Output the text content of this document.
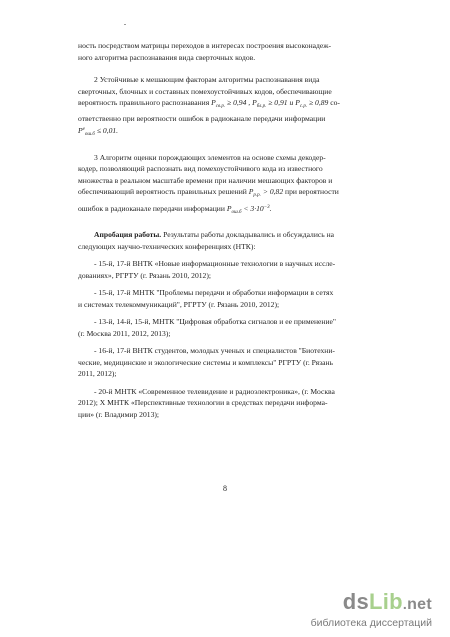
ность посредством матрицы переходов в интересах построения высоконадеж-
ного алгоритма распознавания вида сверточных кодов.

2 Устойчивые к мешающим факторам алгоритмы распознавания вида
сверточных, блочных и составных помехоустойчивых кодов, обеспечивающие
вероятность правильного распознавания $P_{св.р.} \ge 0,94$ , $P_{бл.р.} \ge 0,91$ и $P_{с.р.} \ge 0,89$ со-
ответственно при вероятности ошибок в радиоканале передачи информации
$P^e_{ош.б} \le 0,01$.

3 Алгоритм оценки порождающих элементов на основе схемы декодер-
кодер, позволяющий распознать вид помехоустойчивого кода из известного
множества в реальном масштабе времени при наличии мешающих факторов и
обеспечивающий вероятность правильных решений $P_{р.р.} > 0,82$ при вероятности
ошибок в радиоканале передачи информации $P_{ош.б} < 3\cdot 10^{-3}$.

Апробация работы. Результаты работы докладывались и обсуждались на
следующих научно-технических конференциях (НТК):

- 15-й, 17-й ВНТК «Новые информационные технологии в научных иссле-
дованиях», РГРТУ (г. Рязань 2010, 2012);

- 15-й, 17-й МНТК "Проблемы передачи и обработки информации в сетях
и системах телекоммуникаций", РГРТУ (г. Рязань 2010, 2012);

- 13-й, 14-й, 15-й, МНТК "Цифровая обработка сигналов и ее применение"
(г. Москва 2011, 2012, 2013);

- 16-й, 17-й ВНТК студентов, молодых ученых и специалистов "Биотехни-
ческие, медицинские и экологические системы и комплексы" РГРТУ (г. Рязань
2011, 2012);

- 20-й МНТК «Современное телевидение и радиоэлектроника», (г. Москва
2012); X МНТК «Перспективные технологии в средствах передачи информа-
ции» (г. Владимир 2013);

8
dsLib.net
библиотека диссертаций
